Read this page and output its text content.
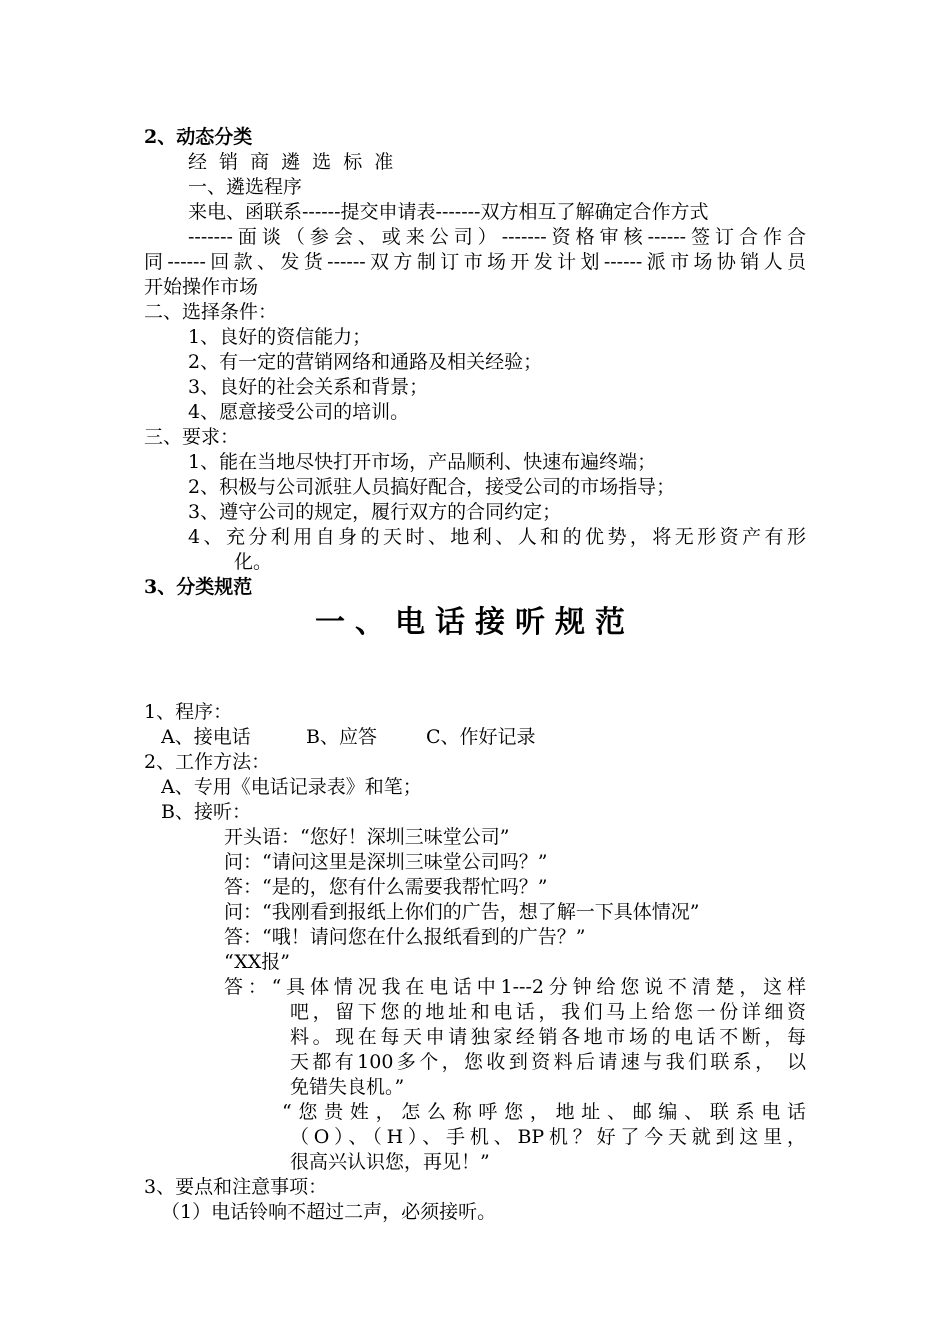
2、动态分类
经 销 商 遴 选 标 准
一、遴选程序
来电、函联系------提交申请表-------双方相互了解确定合作方式
-------面谈（参会、或来公司）-------资格审核------签订合作合
同------回款、发货------双方制订市场开发计划------派市场协销人员
开始操作市场
二、选择条件：
1、良好的资信能力；
2、有一定的营销网络和通路及相关经验；
3、良好的社会关系和背景；
4、愿意接受公司的培训。
三、要求：
1、能在当地尽快打开市场，产品顺利、快速布遍终端；
2、积极与公司派驻人员搞好配合，接受公司的市场指导；
3、遵守公司的规定，履行双方的合同约定；
4、充分利用自身的天时、地利、人和的优势，将无形资产有形
化。
3、分类规范
一、电话接听规范
1、程序：
A、接电话	B、应答	C、作好记录
2、工作方法：
A、专用《电话记录表》和笔；
B、接听：
开头语：“您好！深圳三味堂公司”
问：“请问这里是深圳三味堂公司吗？”
答：“是的，您有什么需要我帮忙吗？”
问：“我刚看到报纸上你们的广告，想了解一下具体情况”
答：“哦！请问您在什么报纸看到的广告？”
“XX报”
答：“具体情况我在电话中1---2分钟给您说不清楚，这样
吧，留下您的地址和电话，我们马上给您一份详细资
料。现在每天申请独家经销各地市场的电话不断，每
天都有100多个，您收到资料后请速与我们联系， 以
免错失良机。”
“您贵姓，怎么称呼您，地址、邮编、联系电话
（O）、（H）、手机、BP机？好了今天就到这里，
很高兴认识您，再见！”
3、要点和注意事项：
（1）电话铃响不超过二声，必须接听。
